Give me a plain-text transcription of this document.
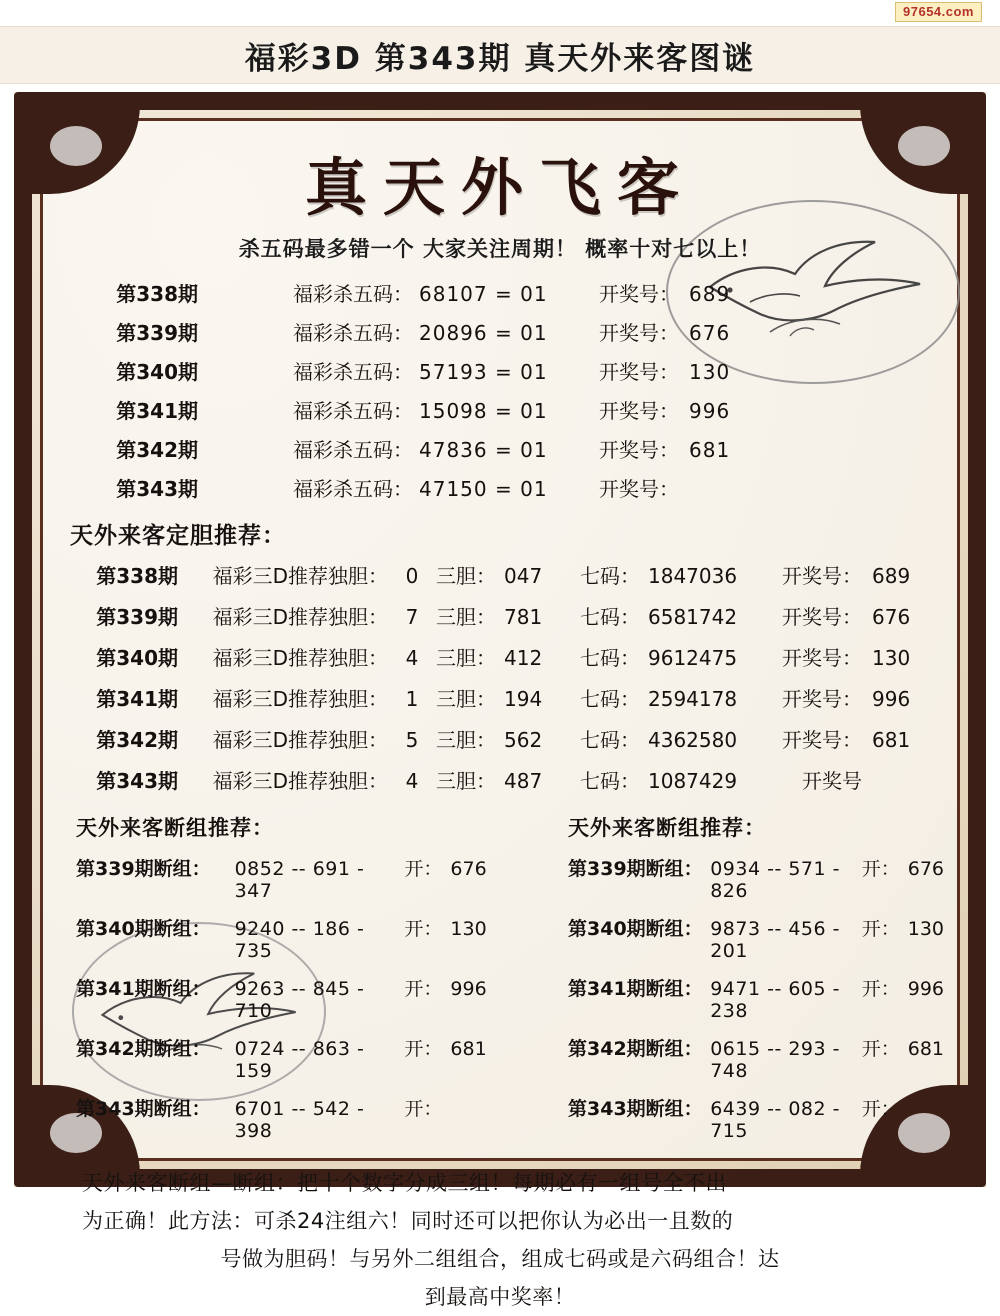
97654.com
福彩3D 第343期 真天外来客图谜
真天外飞客
杀五码最多错一个 大家关注周期！ 概率十对七以上！
第338期	福彩杀五码： 68107 = 01	开奖号： 689
第339期	福彩杀五码： 20896 = 01	开奖号： 676
第340期	福彩杀五码： 57193 = 01	开奖号： 130
第341期	福彩杀五码： 15098 = 01	开奖号： 996
第342期	福彩杀五码： 47836 = 01	开奖号： 681
第343期	福彩杀五码： 47150 = 01	开奖号：
天外来客定胆推荐：
第338期	福彩三D推荐独胆： 0 三胆： 047	七码： 1847036	开奖号： 689
第339期	福彩三D推荐独胆： 7 三胆： 781	七码： 6581742	开奖号： 676
第340期	福彩三D推荐独胆： 4 三胆： 412	七码： 9612475	开奖号： 130
第341期	福彩三D推荐独胆： 1 三胆： 194	七码： 2594178	开奖号： 996
第342期	福彩三D推荐独胆： 5 三胆： 562	七码： 4362580	开奖号： 681
第343期	福彩三D推荐独胆： 4 三胆： 487	七码： 1087429	开奖号
天外来客断组推荐：
第339期断组：	0852 -- 691 - 347
开： 676
第340期断组：	9240 -- 186 - 735
开： 130
第341期断组：	9263 -- 845 - 710
开： 996
第342期断组：	0724 -- 863 - 159
开： 681
第343期断组：	6701 -- 542 - 398
开：
天外来客断组推荐：
第339期断组： 0934 -- 571 - 826
开： 676
第340期断组： 9873 -- 456 - 201
开： 130
第341期断组： 9471 -- 605 - 238
开： 996
第342期断组： 0615 -- 293 - 748
开： 681
第343期断组： 6439 -- 082 - 715
开：
天外来客断组—断组：把十个数字分成三组！每期必有一组号全不出
为正确！此方法：可杀24注组六！同时还可以把你认为必出一且数的
号做为胆码！与另外二组组合，组成七码或是六码组合！达
到最高中奖率！
